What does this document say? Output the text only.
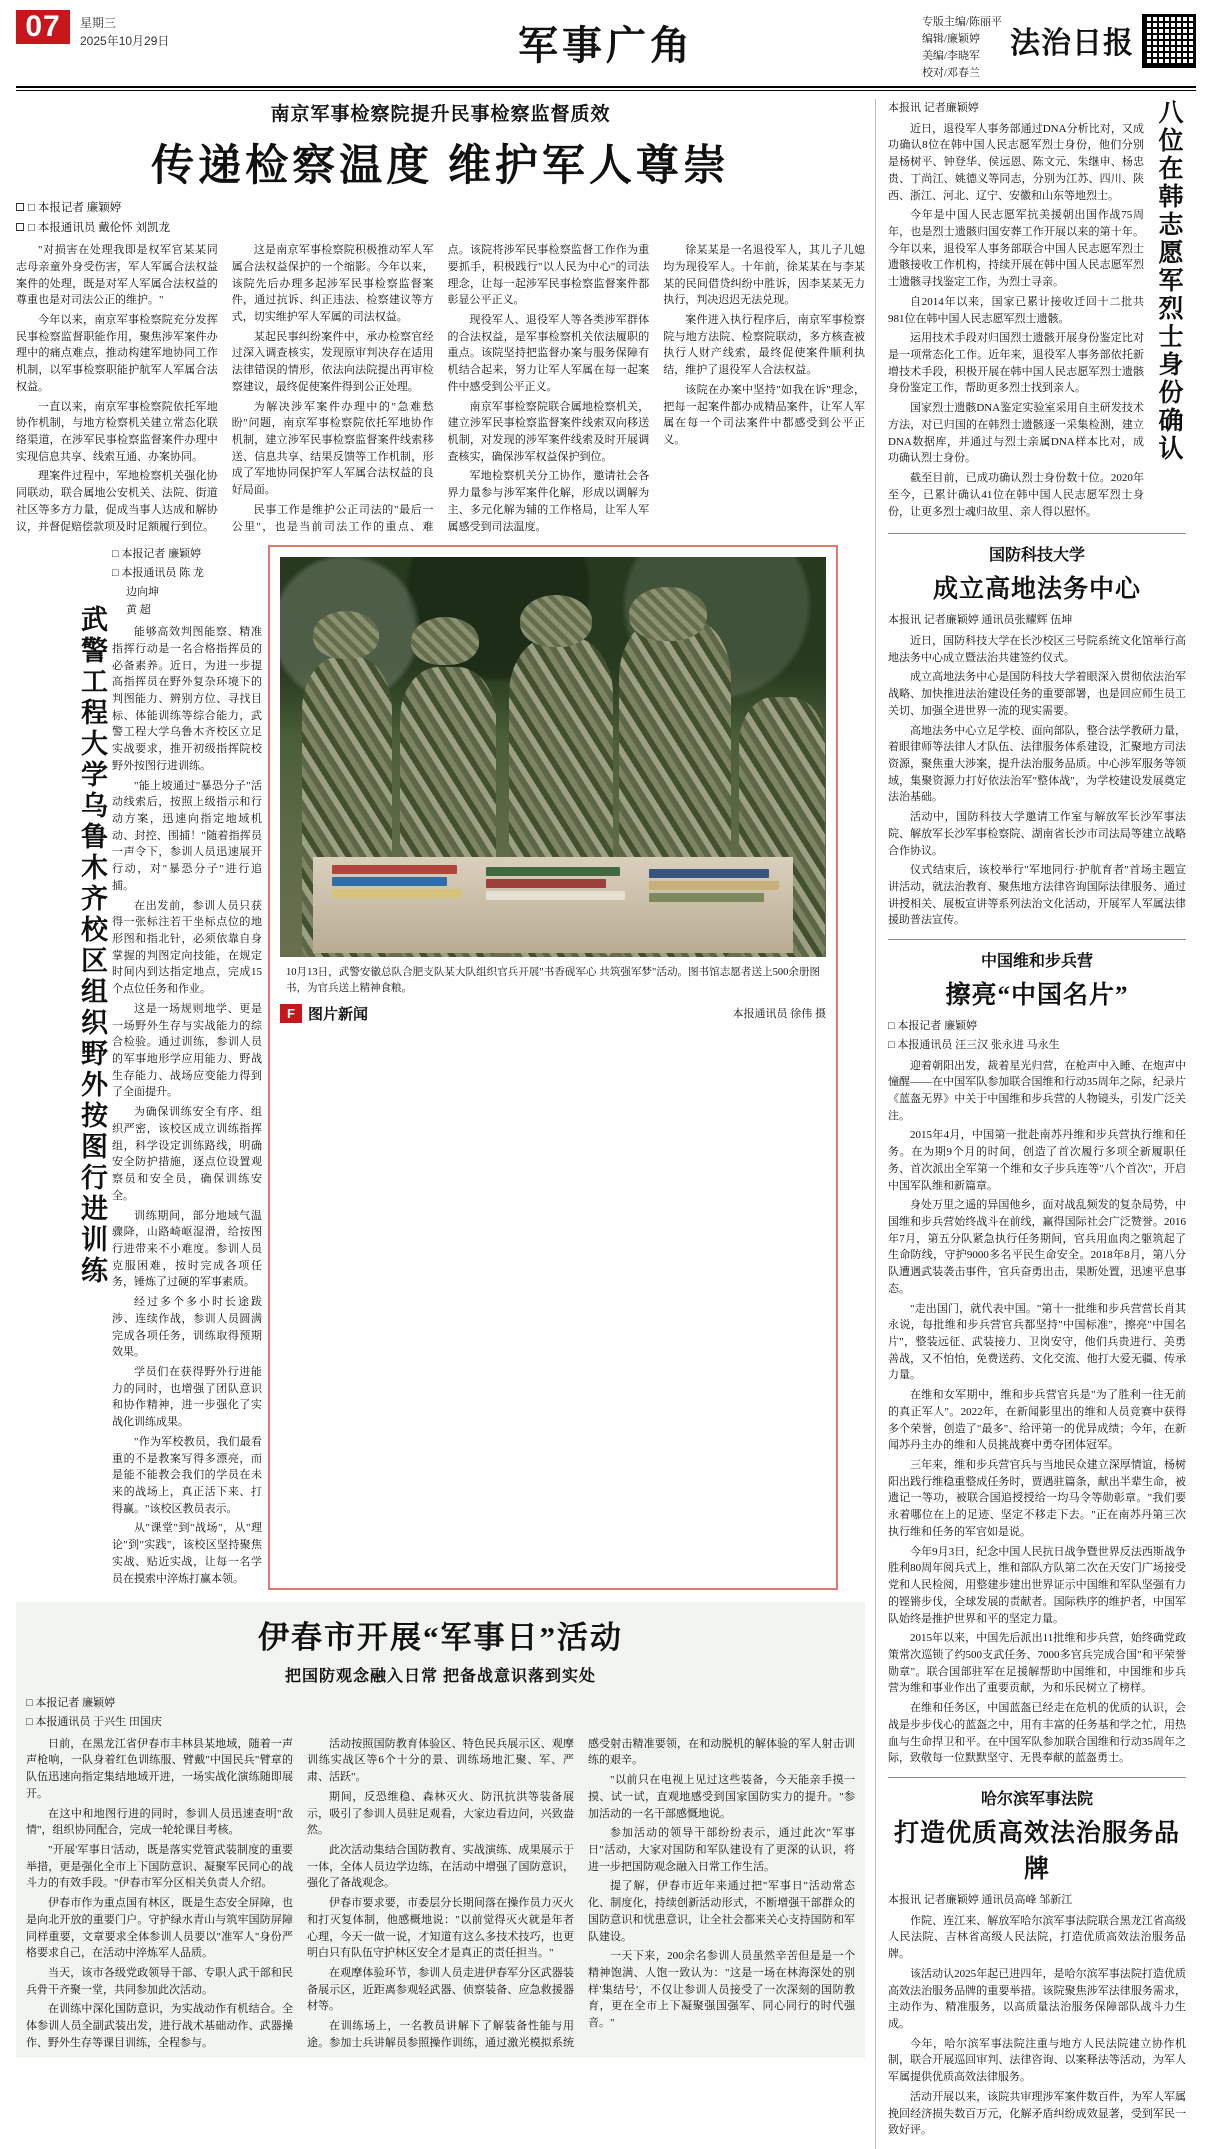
07	星期三
2025年10月29日	军事广角
专版主编/陈丽平
编辑/廉颖婷
美编/李晓军
校对/邓春兰
法治日报
南京军事检察院提升民事检察监督质效
传递检察温度 维护军人尊崇
□ 本报记者 廉颖婷
□ 本报通讯员 戴伦怀 刘凯龙

"对损害在处理我即是权军官某某同志母亲童外身受伤害，军人军属合法权益案件的处理，既是对军人军属合法权益的尊重也是对司法公正的维护。"

今年以来，南京军事检察院充分发挥民事检察监督职能作用，聚焦涉军案件办理中的痛点难点，推动构建军地协同工作机制，以军事检察职能护航军人军属合法权益。

一直以来，南京军事检察院依托军地协作机制，与地方检察机关建立常态化联络渠道，在涉军民事检察监督案件办理中实现信息共享、线索互通、办案协同。

理案件过程中，军地检察机关强化协同联动，联合属地公安机关、法院、街道社区等多方力量，促成当事人达成和解协议，并督促赔偿款项及时足额履行到位。

这是南京军事检察院积极推动军人军属合法权益保护的一个缩影。今年以来，该院先后办理多起涉军民事检察监督案件，通过抗诉、纠正违法、检察建议等方式，切实维护军人军属的司法权益。

某起民事纠纷案件中，承办检察官经过深入调查核实，发现原审判决存在适用法律错误的情形，依法向法院提出再审检察建议，最终促使案件得到公正处理。

为解决涉军案件办理中的"急难愁盼"问题，南京军事检察院依托军地协作机制，建立涉军民事检察监督案件线索移送、信息共享、结果反馈等工作机制，形成了军地协同保护军人军属合法权益的良好局面。

民事工作是维护公正司法的"最后一公里"，也是当前司法工作的重点、难点。该院将涉军民事检察监督工作作为重要抓手，积极践行"以人民为中心"的司法理念，让每一起涉军民事检察监督案件都彰显公平正义。

现役军人、退役军人等各类涉军群体的合法权益，是军事检察机关依法履职的重点。该院坚持把监督办案与服务保障有机结合起来，努力让军人军属在每一起案件中感受到公平正义。

南京军事检察院联合属地检察机关，建立涉军民事检察监督案件线索双向移送机制，对发现的涉军案件线索及时开展调查核实，确保涉军权益保护到位。

军地检察机关分工协作，邀请社会各界力量参与涉军案件化解，形成以调解为主、多元化解为辅的工作格局，让军人军属感受到司法温度。

徐某某是一名退役军人，其儿子儿媳均为现役军人。十年前，徐某某在与李某某的民间借贷纠纷中胜诉，因李某某无力执行，判决迟迟无法兑现。

案件进入执行程序后，南京军事检察院与地方法院、检察院联动，多方核查被执行人财产线索，最终促使案件顺利执结，维护了退役军人合法权益。

该院在办案中坚持"如我在诉"理念，把每一起案件都办成精品案件，让军人军属在每一个司法案件中都感受到公平正义。

武警工程大学乌鲁木齐校区组织野外按图行进训练
□ 本报记者 廉颖婷
□ 本报通讯员 陈 龙
边向坤
黄 超

能够高效判图能察、精准指挥行动是一名合格指挥员的必备素养。近日，为进一步提高指挥员在野外复杂环境下的判图能力、辨别方位、寻找目标、体能训练等综合能力，武警工程大学乌鲁木齐校区立足实战要求，推开初级指挥院校野外按图行进训练。

"能上坡通过"暴恐分子"活动线索后，按照上级指示和行动方案，迅速向指定地域机动、封控、围捕！"随着指挥员一声令下，参训人员迅速展开行动，对"暴恐分子"进行追捕。

在出发前，参训人员只获得一张标注若干坐标点位的地形图和指北针，必须依靠自身掌握的判图定向技能，在规定时间内到达指定地点，完成15个点位任务和作业。

这是一场规则地学、更是一场野外生存与实战能力的综合检验。通过训练，参训人员的军事地形学应用能力、野战生存能力、战场应变能力得到了全面提升。

为确保训练安全有序、组织严密，该校区成立训练指挥组，科学设定训练路线，明确安全防护措施，逐点位设置观察员和安全员，确保训练安全。

训练期间，部分地域气温骤降，山路崎岖湿滑，给按图行进带来不小难度。参训人员克服困难，按时完成各项任务，锤炼了过硬的军事素质。

经过多个多小时长途跋涉、连续作战，参训人员圆满完成各项任务，训练取得预期效果。

学员们在获得野外行进能力的同时，也增强了团队意识和协作精神，进一步强化了实战化训练成果。

"作为军校教员，我们最看重的不是教案写得多漂亮，而是能不能教会我们的学员在未来的战场上，真正活下来、打得赢。"该校区教员表示。

从"课堂"到"战场"，从"理论"到"实践"，该校区坚持聚焦实战、贴近实战，让每一名学员在摸索中淬炼打赢本领。

10月13日，武警安徽总队合肥支队某大队组织官兵开展"书香砚军心 共筑强军梦"活动。图书馆志愿者送上500余册图书，为官兵送上精神食粮。
F 图片新闻	本报通讯员 徐伟 摄
伊春市开展“军事日”活动
把国防观念融入日常 把备战意识落到实处
□ 本报记者 廉颖婷
□ 本报通讯员 于兴生 田国庆

日前，在黑龙江省伊春市丰林县某地域，随着一声声枪响，一队身着红色训练服、臂戴"中国民兵"臂章的队伍迅速向指定集结地域开进，一场实战化演练随即展开。

在这中和地图行进的同时，参训人员迅速查明"敌情"，组织协同配合，完成一轮轮课目考核。

"开展'军事日'活动，既是落实党管武装制度的重要举措，更是强化全市上下国防意识、凝聚军民同心的战斗力的有效手段。"伊春市军分区相关负责人介绍。

伊春市作为重点国有林区，既是生态安全屏障，也是向北开放的重要门户。守护绿水青山与筑牢国防屏障同样重要，文章要求全体参训人员要以"准军人"身份严格要求自己，在活动中淬炼军人品质。

当天，该市各级党政领导干部、专职人武干部和民兵骨干齐聚一堂，共同参加此次活动。

在训练中深化国防意识，为实战动作有机结合。全体参训人员全副武装出发，进行战术基础动作、武器操作、野外生存等课目训练，全程参与。

活动按照国防教育体验区、特色民兵展示区、观摩训练实战区等6个十分的景、训练场地汇聚、军、严肃、活跃"。

期间，反恐维稳、森林灭火、防汛抗洪等装备展示，吸引了参训人员驻足观看，大家边看边问，兴致盎然。

此次活动集结合国防教育、实战演练、成果展示于一体，全体人员边学边练，在活动中增强了国防意识，强化了备战观念。

伊春市要求要，市委层分长期间落在操作员力灭火和打灭复体制，他感概地说："以前觉得灭火就是年者心理，今天一做一说，才知道有这么多技术技巧，也更明白只有队伍守护林区安全才是真正的责任担当。"

在观摩体验环节，参训人员走进伊春军分区武器装备展示区，近距离参观轻武器、侦察装备、应急救援器材等。

在训练场上，一名教员讲解下了解装备性能与用途。参加士兵讲解员参照操作训练，通过激光模拟系统感受射击精准要领，在和动脱机的解体验的军人射击训练的艰辛。

"以前只在电视上见过这些装备，今天能亲手摸一摸、试一试，直观地感受到国家国防实力的提升。"参加活动的一名干部感慨地说。

参加活动的领导干部纷纷表示，通过此次"军事日"活动，大家对国防和军队建设有了更深的认识，将进一步把国防观念融入日常工作生活。

提了解，伊春市近年来通过把"军事日"活动常态化、制度化，持续创新活动形式，不断增强干部群众的国防意识和忧患意识，让全社会都来关心支持国防和军队建设。

一天下来，200余名参训人员虽然辛苦但是是一个精神饱满、人饱一致认为："这是一场在林海深处的别样'集结号'，不仅让参训人员接受了一次深刻的国防教育，更在全市上下凝聚强国强军、同心同行的时代强音。"

本报讯 记者廉颖婷

近日，退役军人事务部通过DNA分析比对，又成功确认8位在韩中国人民志愿军烈士身份，他们分别是杨树平、钟登华、侯远恩、陈文元、朱继申、杨忠贵、丁尚江、姚德义等同志，分别为江苏、四川、陕西、浙江、河北、辽宁、安徽和山东等地烈士。

今年是中国人民志愿军抗美援朝出国作战75周年，也是烈士遗骸归国安葬工作开展以来的第十年。今年以来，退役军人事务部联合中国人民志愿军烈士遗骸接收工作机构，持续开展在韩中国人民志愿军烈士遗骸寻找鉴定工作，为烈士寻亲。

自2014年以来，国家已累计接收迁回十二批共981位在韩中国人民志愿军烈士遗骸。

运用技术手段对归国烈士遗骸开展身份鉴定比对是一项常态化工作。近年来，退役军人事务部依托新增技术手段，积极开展在韩中国人民志愿军烈士遗骸身份鉴定工作，帮助更多烈士找到亲人。

国家烈士遗骸DNA鉴定实验室采用自主研发技术方法，对已归国的在韩烈士遗骸逐一采集检测，建立DNA数据库，并通过与烈士亲属DNA样本比对，成功确认烈士身份。

截至目前，已成功确认烈士身份数十位。2020年至今，已累计确认41位在韩中国人民志愿军烈士身份，让更多烈士魂归故里、亲人得以慰怀。

八位在韩志愿军烈士身份确认
国防科技大学
成立高地法务中心
本报讯 记者廉颖婷 通讯员张耀辉 伍坤

近日，国防科技大学在长沙校区三号院系统文化馆举行高地法务中心成立暨法治共建签约仪式。

成立高地法务中心是国防科技大学着眼深入贯彻依法治军战略、加快推进法治建设任务的重要部署，也是回应师生员工关切、加强全进世界一流的现实需要。

高地法务中心立足学校、面向部队，整合法学教研力量，着眼律师等法律人才队伍、法律服务体系建设，汇聚地方司法资源，聚焦重大涉案，提升法治服务品质。中心涉军服务等领域，集聚资源力打好依法治军"整体战"，为学校建设发展奠定法治基础。

活动中，国防科技大学邀请工作室与解放军长沙军事法院、解放军长沙军事检察院、湖南省长沙市司法局等建立战略合作协议。

仪式结束后，该校举行"军地同行·护航育者"首场主题宣讲活动，就法治教育、聚焦地方法律咨询国际法律服务、通过讲授相关、展板宣讲等系列法治文化活动，开展军人军属法律援助普法宣传。

中国维和步兵营
擦亮“中国名片”
□ 本报记者 廉颖婷
□ 本报通讯员 汪三汉 张永进 马永生

迎着朝阳出发，裁着星光归营，在枪声中入睡、在炮声中憧醒——在中国军队参加联合国维和行动35周年之际，纪录片《蓝盔无界》中关于中国维和步兵营的人物镜头，引发广泛关注。

2015年4月，中国第一批赴南苏丹维和步兵营执行维和任务。在为期9个月的时间，创造了首次履行多项全新履职任务、首次派出全军第一个维和女子步兵连等"八个首次"，开启中国军队维和新篇章。

身处万里之遥的异国他乡，面对战乱频发的复杂局势，中国维和步兵营始终战斗在前线，赢得国际社会广泛赞誉。2016年7月，第五分队紧急执行任务期间，官兵用血肉之躯筑起了生命防线，守护9000多名平民生命安全。2018年8月，第八分队遭遇武装袭击事件，官兵奋勇出击，果断处置，迅速平息事态。

"走出国门，就代表中国。"第十一批维和步兵营营长肖其永说，每批维和步兵营官兵都坚持"中国标准"，擦亮"中国名片"，整装远征、武装接力、卫岗安守，他们兵贵进行、美勇善战，又不怕怕，免费送药、文化交流、他打大爱无疆、传承力量。

在维和女军期中，维和步兵营官兵是"为了胜利一往无前的真正军人"。2022年，在新闻影里出的维和人员竞赛中获得多个荣誉，创造了"最多"、给评第一的优异成绩；今年，在新闻苏丹主办的维和人员挑战赛中勇夺团体冠军。

三年来，维和步兵营官兵与当地民众建立深厚情谊，杨树阳出践行维稳重整成任务时，贾遇驻篇条，献出半辈生命，被遗记一等功，被联合国追授授给一均马令等勋彰章。"我们要永着哪位在上的足迹、坚定不移走下去。"正在南苏丹第三次执行维和任务的军官如是说。

今年9月3日，纪念中国人民抗日战争暨世界反法西斯战争胜利80周年阅兵式上，维和部队方队第二次在天安门广场接受党和人民检阅，用整建步建出世界证示中国维和军队坚强有力的铿锵步伐，全球发展的责献者。国际秩序的维护者，中国军队始终是推护世界和平的坚定力量。

2015年以来，中国先后派出11批维和步兵营，始终确党政策常次巡锁了约500支武任务、7000多官兵完成合国"和平荣誉勋章"。联合国部驻军在足援解帮助中国维和，中国维和步兵营为维和事业作出了重要贡献，为和乐民树立了榜样。

在维和任务区，中国蓝盔已经走在危机的优质的认识，会战是步步伐心的蓝盔之中，用有丰富的任务基和学之忙，用热血与生命捍卫和平。在中国军队参加联合国维和行动35周年之际，致敬每一位默默坚守、无畏奉献的蓝盔勇士。

哈尔滨军事法院
打造优质高效法治服务品牌
本报讯 记者廉颖婷 通讯员高峰 邹新江

作院、连江来、解放军哈尔滨军事法院联合黑龙江省高级人民法院、吉林省高级人民法院，打造优质高效法治服务品牌。

该活动认2025年起已进四年，是哈尔滨军事法院打造优质高效法治服务品牌的重要举措。该院聚焦涉军法律服务需求，主动作为、精准服务，以高质量法治服务保障部队战斗力生成。

今年，哈尔滨军事法院注重与地方人民法院建立协作机制，联合开展巡回审判、法律咨询、以案释法等活动，为军人军属提供优质高效法律服务。

活动开展以来，该院共审理涉军案件数百件，为军人军属挽回经济损失数百万元，化解矛盾纠纷成效显著，受到军民一致好评。
